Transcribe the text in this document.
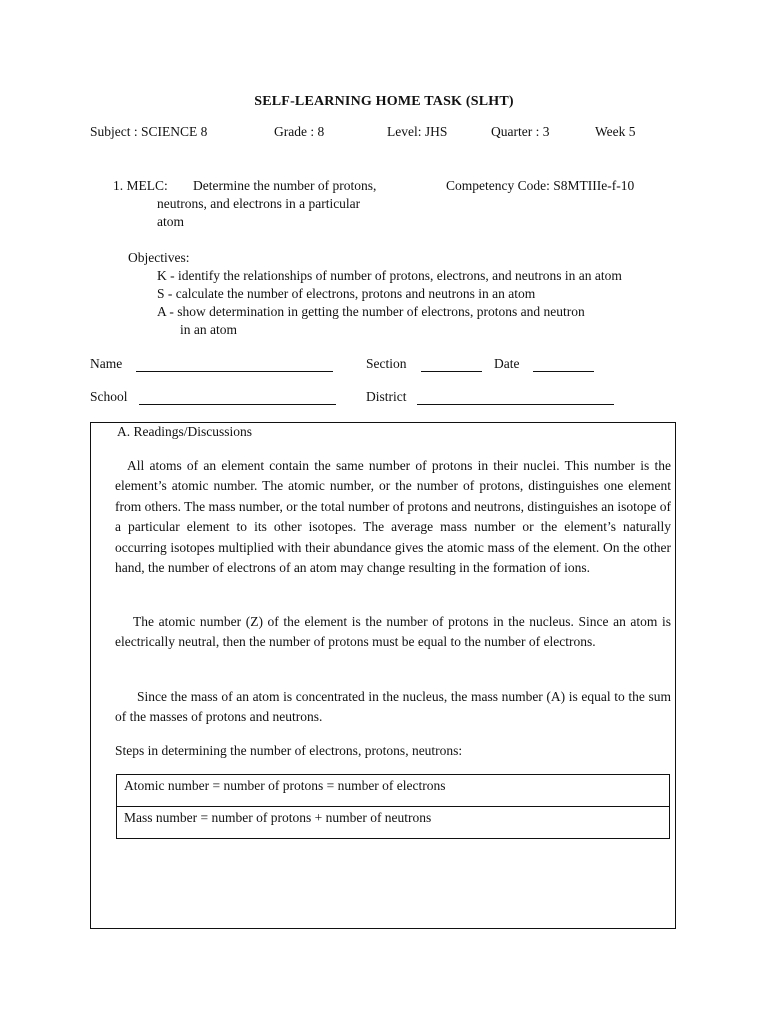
SELF-LEARNING HOME TASK (SLHT)
Subject : SCIENCE 8	Grade : 8	Level: JHS	Quarter : 3	Week 5
1. MELC: Determine the number of protons,
neutrons, and electrons in a particular
atom
Competency Code: S8MTIIIe-f-10
Objectives:
K - identify the relationships of number of protons, electrons, and neutrons in an atom
S - calculate the number of electrons, protons and neutrons in an atom
A - show determination in getting the number of electrons, protons and neutron
in an atom
Name	Section	Date
School	District
A. Readings/Discussions

All atoms of an element contain the same number of protons in their nuclei. This number is the element’s atomic number. The atomic number, or the number of protons, distinguishes one element from others. The mass number, or the total number of protons and neutrons, distinguishes an isotope of a particular element to its other isotopes. The average mass number or the element’s naturally occurring isotopes multiplied with their abundance gives the atomic mass of the element. On the other hand, the number of electrons of an atom may change resulting in the formation of ions.

The atomic number (Z) of the element is the number of protons in the nucleus. Since an atom is electrically neutral, then the number of protons must be equal to the number of electrons.

Since the mass of an atom is concentrated in the nucleus, the mass number (A) is equal to the sum of the masses of protons and neutrons.

Steps in determining the number of electrons, protons, neutrons:

Atomic number = number of protons = number of electrons
Mass number = number of protons + number of neutrons
